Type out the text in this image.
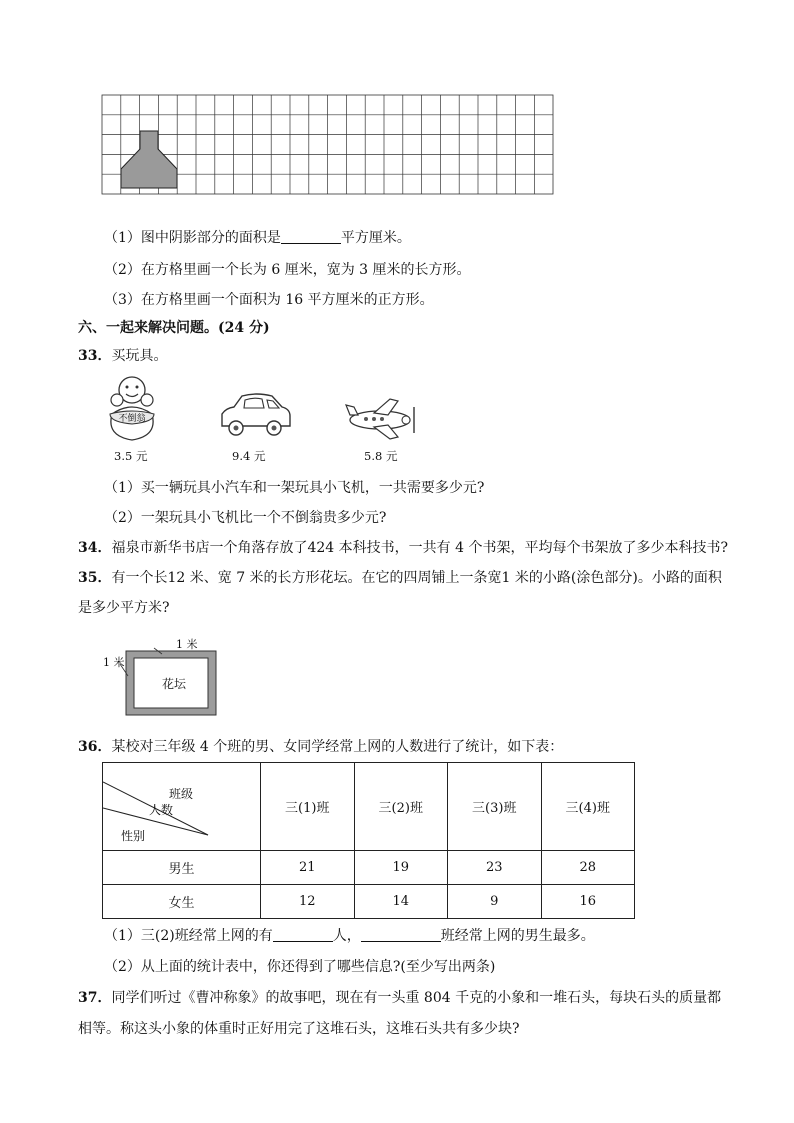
（1）图中阴影部分的面积是	平方厘米。
（2）在方格里画一个长为 6 厘米，宽为 3 厘米的长方形。
（3）在方格里画一个面积为 16 平方厘米的正方形。
六、一起来解决问题。(24 分)
33．买玩具。
不倒翁
3.5 元	9.4 元	5.8 元
（1）买一辆玩具小汽车和一架玩具小飞机，一共需要多少元?
（2）一架玩具小飞机比一个不倒翁贵多少元?
34．福泉市新华书店一个角落存放了424 本科技书，一共有 4 个书架，平均每个书架放了多少本科技书?
35．有一个长12 米、宽 7 米的长方形花坛。在它的四周铺上一条宽1 米的小路(涂色部分)。小路的面积
是多少平方米?
1 米
1 米
花坛
36．某校对三年级 4 个班的男、女同学经常上网的人数进行了统计，如下表：
班级
人数
性别	三(1)班	三(2)班	三(3)班	三(4)班
男生	21	19	23	28
女生	12	14	9	16
（1）三(2)班经常上网的有	人，	班经常上网的男生最多。
（2）从上面的统计表中，你还得到了哪些信息?(至少写出两条)
37．同学们听过《曹冲称象》的故事吧，现在有一头重 804 千克的小象和一堆石头，每块石头的质量都
相等。称这头小象的体重时正好用完了这堆石头，这堆石头共有多少块?
